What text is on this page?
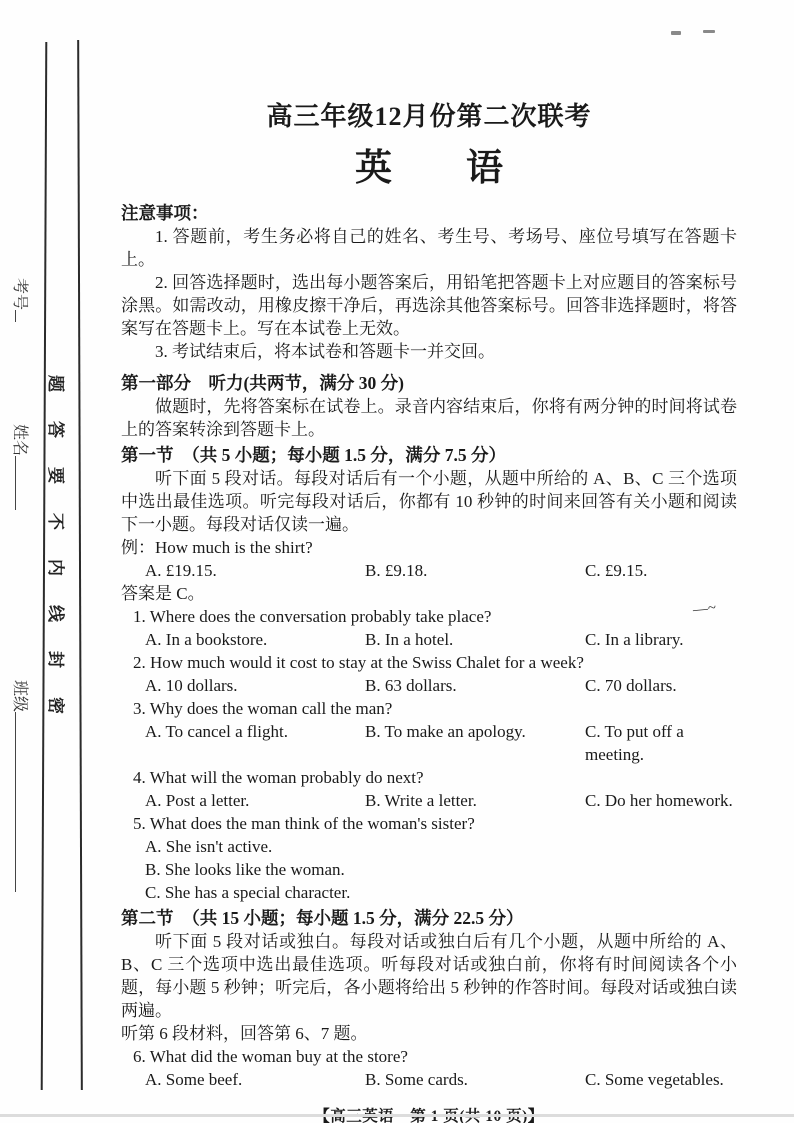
题答要不内线封密
考号
姓名
班级
高三年级12月份第二次联考
英　　语

注意事项：

1. 答题前，考生务必将自己的姓名、考生号、考场号、座位号填写在答题卡上。

2. 回答选择题时，选出每小题答案后，用铅笔把答题卡上对应题目的答案标号涂黑。如需改动，用橡皮擦干净后，再选涂其他答案标号。回答非选择题时，将答案写在答题卡上。写在本试卷上无效。

3. 考试结束后，将本试卷和答题卡一并交回。

第一部分　听力(共两节，满分 30 分)

做题时，先将答案标在试卷上。录音内容结束后，你将有两分钟的时间将试卷上的答案转涂到答题卡上。

第一节　（共 5 小题；每小题 1.5 分，满分 7.5 分）

听下面 5 段对话。每段对话后有一个小题，从题中所给的 A、B、C 三个选项中选出最佳选项。听完每段对话后，你都有 10 秒钟的时间来回答有关小题和阅读下一小题。每段对话仅读一遍。

例：How much is the shirt?

A. £19.15.	B. £9.18.	C. £9.15.

答案是 C。

1. Where does the conversation probably take place?

A. In a bookstore.	B. In a hotel.	C. In a library.

2. How much would it cost to stay at the Swiss Chalet for a week?

A. 10 dollars.	B. 63 dollars.	C. 70 dollars.

3. Why does the woman call the man?

A. To cancel a flight.	B. To make an apology.	C. To put off a meeting.

4. What will the woman probably do next?

A. Post a letter.	B. Write a letter.	C. Do her homework.

5. What does the man think of the woman's sister?

A. She isn't active.
B. She looks like the woman.
C. She has a special character.

第二节　（共 15 小题；每小题 1.5 分，满分 22.5 分）

听下面 5 段对话或独白。每段对话或独白后有几个小题，从题中所给的 A、B、C 三个选项中选出最佳选项。听每段对话或独白前，你将有时间阅读各个小题，每小题 5 秒钟；听完后，各小题将给出 5 秒钟的作答时间。每段对话或独白读两遍。

听第 6 段材料，回答第 6、7 题。

6. What did the woman buy at the store?

A. Some beef.	B. Some cards.	C. Some vegetables.
—~
